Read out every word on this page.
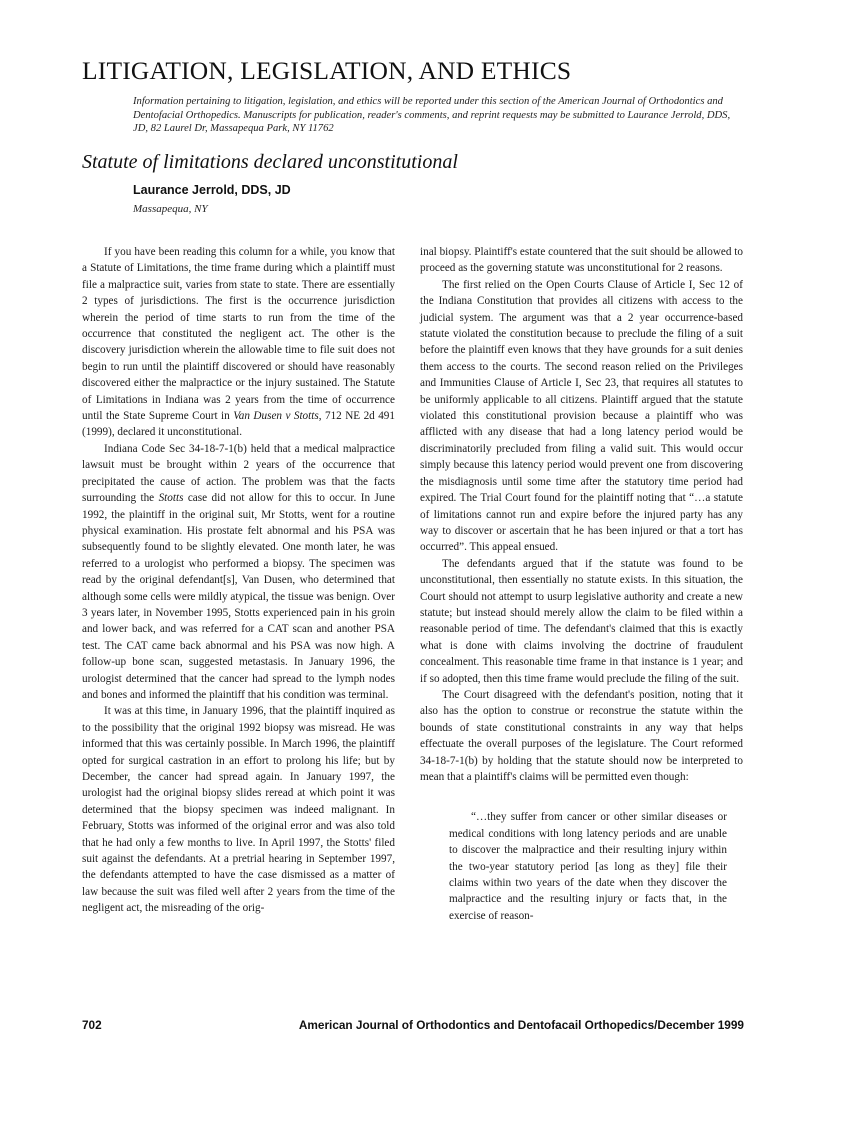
LITIGATION, LEGISLATION, AND ETHICS
Information pertaining to litigation, legislation, and ethics will be reported under this section of the American Journal of Orthodontics and Dentofacial Orthopedics. Manuscripts for publication, reader's comments, and reprint requests may be submitted to Laurance Jerrold, DDS, JD, 82 Laurel Dr, Massapequa Park, NY 11762
Statute of limitations declared unconstitutional
Laurance Jerrold, DDS, JD
Massapequa, NY

If you have been reading this column for a while, you know that a Statute of Limitations, the time frame during which a plaintiff must file a malpractice suit, varies from state to state. There are essentially 2 types of jurisdictions. The first is the occurrence jurisdiction wherein the period of time starts to run from the time of the occurrence that constituted the negligent act. The other is the discovery jurisdiction wherein the allowable time to file suit does not begin to run until the plaintiff discovered or should have reasonably discovered either the malpractice or the injury sustained. The Statute of Limitations in Indiana was 2 years from the time of occurrence until the State Supreme Court in Van Dusen v Stotts, 712 NE 2d 491 (1999), declared it unconstitutional.

Indiana Code Sec 34-18-7-1(b) held that a medical malpractice lawsuit must be brought within 2 years of the occurrence that precipitated the cause of action. The problem was that the facts surrounding the Stotts case did not allow for this to occur. In June 1992, the plaintiff in the original suit, Mr Stotts, went for a routine physical examination. His prostate felt abnormal and his PSA was subsequently found to be slightly elevated. One month later, he was referred to a urologist who performed a biopsy. The specimen was read by the original defendant[s], Van Dusen, who determined that although some cells were mildly atypical, the tissue was benign. Over 3 years later, in November 1995, Stotts experienced pain in his groin and lower back, and was referred for a CAT scan and another PSA test. The CAT came back abnormal and his PSA was now high. A follow-up bone scan, suggested metastasis. In January 1996, the urologist determined that the cancer had spread to the lymph nodes and bones and informed the plaintiff that his condition was terminal.

It was at this time, in January 1996, that the plaintiff inquired as to the possibility that the original 1992 biopsy was misread. He was informed that this was certainly possible. In March 1996, the plaintiff opted for surgical castration in an effort to prolong his life; but by December, the cancer had spread again. In January 1997, the urologist had the original biopsy slides reread at which point it was determined that the biopsy specimen was indeed malignant. In February, Stotts was informed of the original error and was also told that he had only a few months to live. In April 1997, the Stotts' filed suit against the defendants. At a pretrial hearing in September 1997, the defendants attempted to have the case dismissed as a matter of law because the suit was filed well after 2 years from the time of the negligent act, the misreading of the orig-

inal biopsy. Plaintiff's estate countered that the suit should be allowed to proceed as the governing statute was unconstitutional for 2 reasons.

The first relied on the Open Courts Clause of Article I, Sec 12 of the Indiana Constitution that provides all citizens with access to the judicial system. The argument was that a 2 year occurrence-based statute violated the constitution because to preclude the filing of a suit before the plaintiff even knows that they have grounds for a suit denies them access to the courts. The second reason relied on the Privileges and Immunities Clause of Article I, Sec 23, that requires all statutes to be uniformly applicable to all citizens. Plaintiff argued that the statute violated this constitutional provision because a plaintiff who was afflicted with any disease that had a long latency period would be discriminatorily precluded from filing a valid suit. This would occur simply because this latency period would prevent one from discovering the misdiagnosis until some time after the statutory time period had expired. The Trial Court found for the plaintiff noting that “…a statute of limitations cannot run and expire before the injured party has any way to discover or ascertain that he has been injured or that a tort has occurred”. This appeal ensued.

The defendants argued that if the statute was found to be unconstitutional, then essentially no statute exists. In this situation, the Court should not attempt to usurp legislative authority and create a new statute; but instead should merely allow the claim to be filed within a reasonable period of time. The defendant's claimed that this is exactly what is done with claims involving the doctrine of fraudulent concealment. This reasonable time frame in that instance is 1 year; and if so adopted, then this time frame would preclude the filing of the suit.

The Court disagreed with the defendant's position, noting that it also has the option to construe or reconstrue the statute within the bounds of state constitutional constraints in any way that helps effectuate the overall purposes of the legislature. The Court reformed 34-18-7-1(b) by holding that the statute should now be interpreted to mean that a plaintiff's claims will be permitted even though:

“…they suffer from cancer or other similar diseases or medical conditions with long latency periods and are unable to discover the malpractice and their resulting injury within the two-year statutory period [as long as they] file their claims within two years of the date when they discover the malpractice and the resulting injury or facts that, in the exercise of reason-

702	American Journal of Orthodontics and Dentofacail Orthopedics/December 1999
